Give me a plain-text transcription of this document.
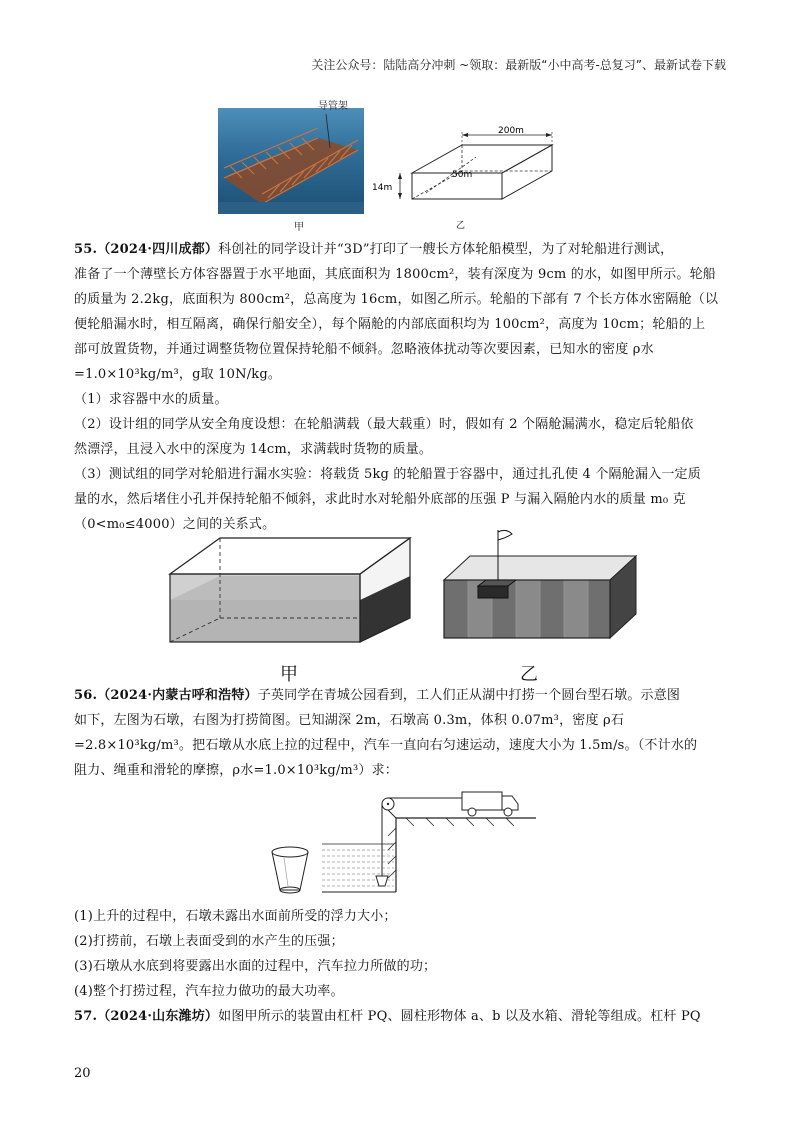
关注公众号：陆陆高分冲刺 ~领取：最新版“小中高考-总复习”、最新试卷下载
导管架
甲
200m
50m
14m
乙
55.（2024·四川成都）科创社的同学设计并“3D”打印了一艘长方体轮船模型，为了对轮船进行测试，
准备了一个薄壁长方体容器置于水平地面，其底面积为 1800cm²，装有深度为 9cm 的水，如图甲所示。轮船
的质量为 2.2kg，底面积为 800cm²，总高度为 16cm，如图乙所示。轮船的下部有 7 个长方体水密隔舱（以
便轮船漏水时，相互隔离，确保行船安全），每个隔舱的内部底面积均为 100cm²，高度为 10cm；轮船的上
部可放置货物，并通过调整货物位置保持轮船不倾斜。忽略液体扰动等次要因素，已知水的密度 ρ水
=1.0×10³kg/m³，g取 10N/kg。
（1）求容器中水的质量。
（2）设计组的同学从安全角度设想：在轮船满载（最大载重）时，假如有 2 个隔舱漏满水，稳定后轮船依
然漂浮，且浸入水中的深度为 14cm，求满载时货物的质量。
（3）测试组的同学对轮船进行漏水实验：将载货 5kg 的轮船置于容器中，通过扎孔使 4 个隔舱漏入一定质
量的水，然后堵住小孔并保持轮船不倾斜，求此时水对轮船外底部的压强 P 与漏入隔舱内水的质量 m₀ 克
（0<m₀≤4000）之间的关系式。
甲	乙
56.（2024·内蒙古呼和浩特）子英同学在青城公园看到，工人们正从湖中打捞一个圆台型石墩。示意图
如下，左图为石墩，右图为打捞简图。已知湖深 2m，石墩高 0.3m，体积 0.07m³，密度 ρ石
=2.8×10³kg/m³。把石墩从水底上拉的过程中，汽车一直向右匀速运动，速度大小为 1.5m/s。（不计水的
阻力、绳重和滑轮的摩擦，ρ水=1.0×10³kg/m³）求：
(1)上升的过程中，石墩未露出水面前所受的浮力大小；
(2)打捞前，石墩上表面受到的水产生的压强；
(3)石墩从水底到将要露出水面的过程中，汽车拉力所做的功；
(4)整个打捞过程，汽车拉力做功的最大功率。
57.（2024·山东潍坊）如图甲所示的装置由杠杆 PQ、圆柱形物体 a、b 以及水箱、滑轮等组成。杠杆 PQ
20
